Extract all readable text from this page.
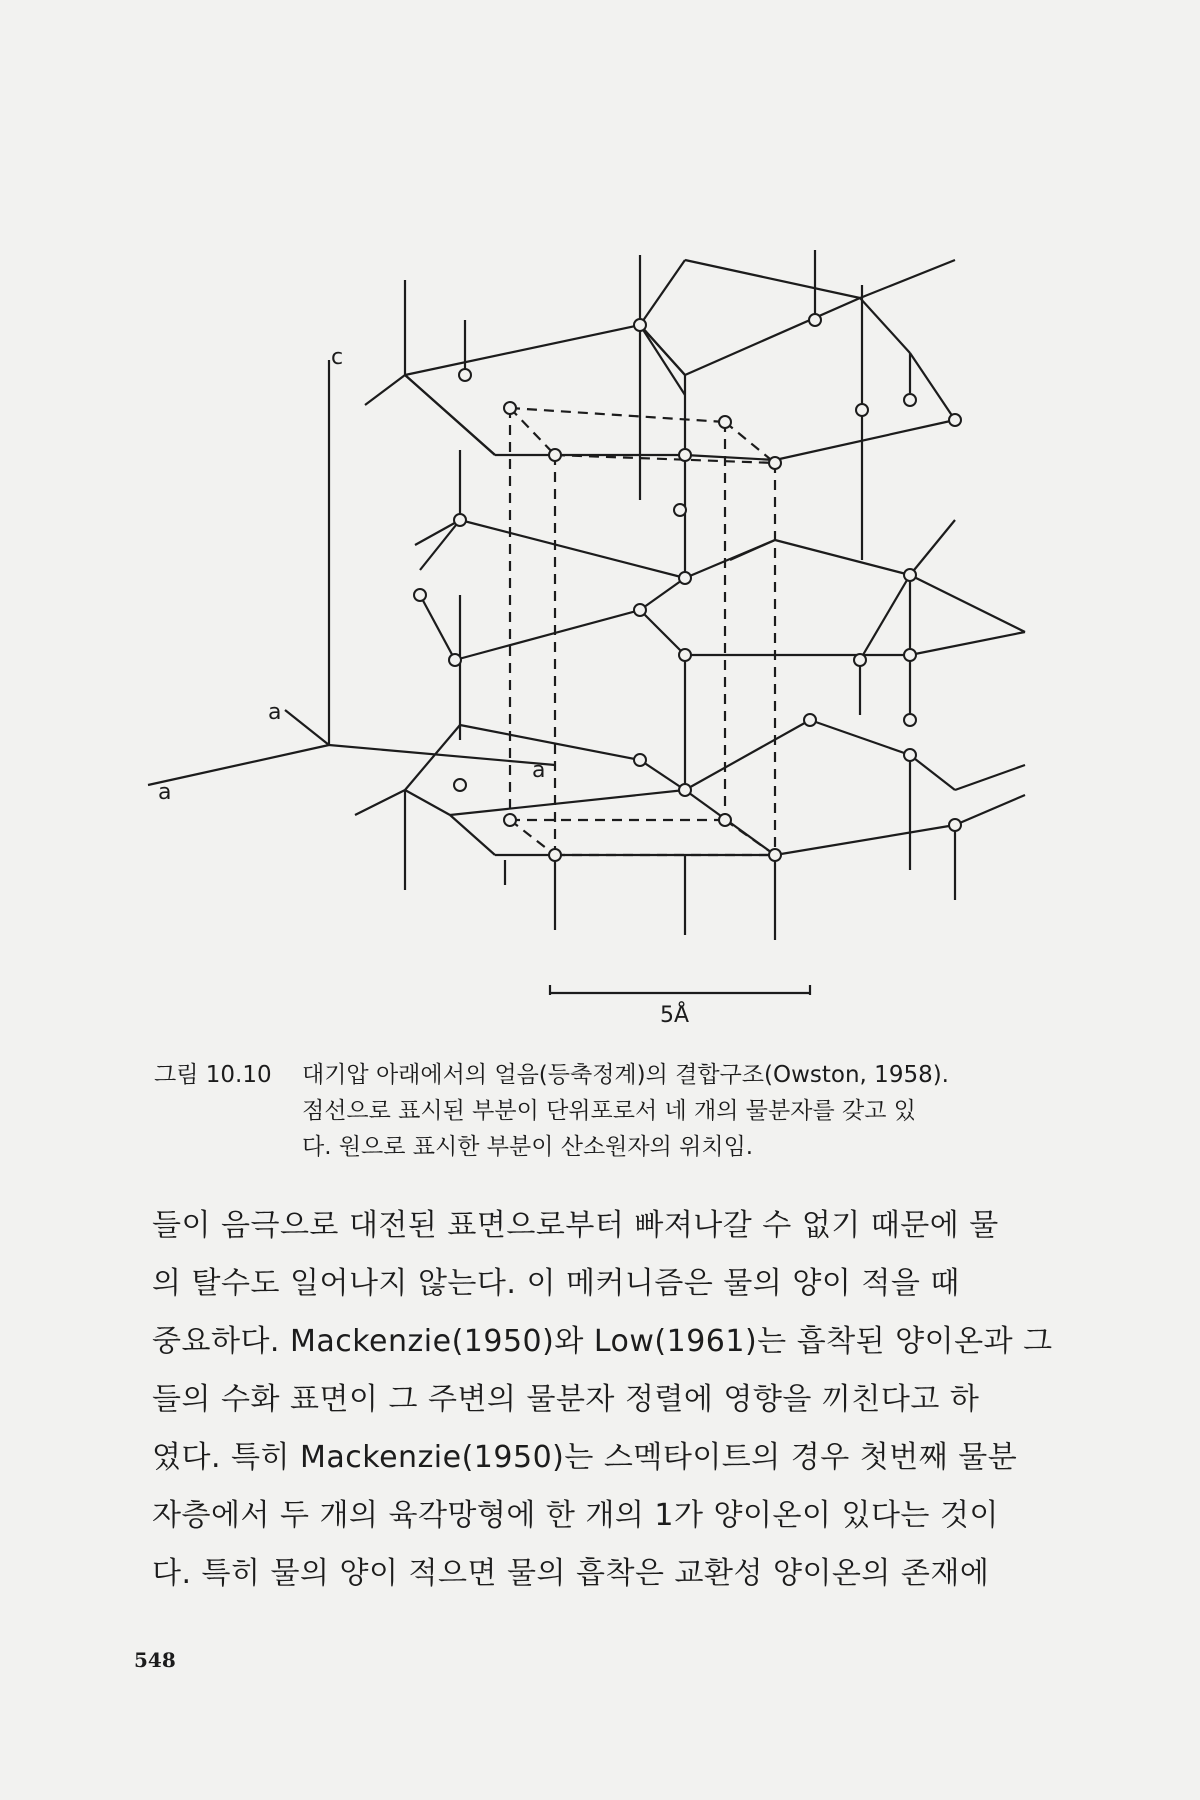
c
a
a
a
5Å
그림 10.10 대기압 아래에서의 얼음(등축정계)의 결합구조(Owston, 1958).
점선으로 표시된 부분이 단위포로서 네 개의 물분자를 갖고 있
다. 원으로 표시한 부분이 산소원자의 위치임.
들이 음극으로 대전된 표면으로부터 빠져나갈 수 없기 때문에 물
의 탈수도 일어나지 않는다. 이 메커니즘은 물의 양이 적을 때
중요하다. Mackenzie(1950)와 Low(1961)는 흡착된 양이온과 그
들의 수화 표면이 그 주변의 물분자 정렬에 영향을 끼친다고 하
였다. 특히 Mackenzie(1950)는 스멕타이트의 경우 첫번째 물분
자층에서 두 개의 육각망형에 한 개의 1가 양이온이 있다는 것이
다. 특히 물의 양이 적으면 물의 흡착은 교환성 양이온의 존재에
548
